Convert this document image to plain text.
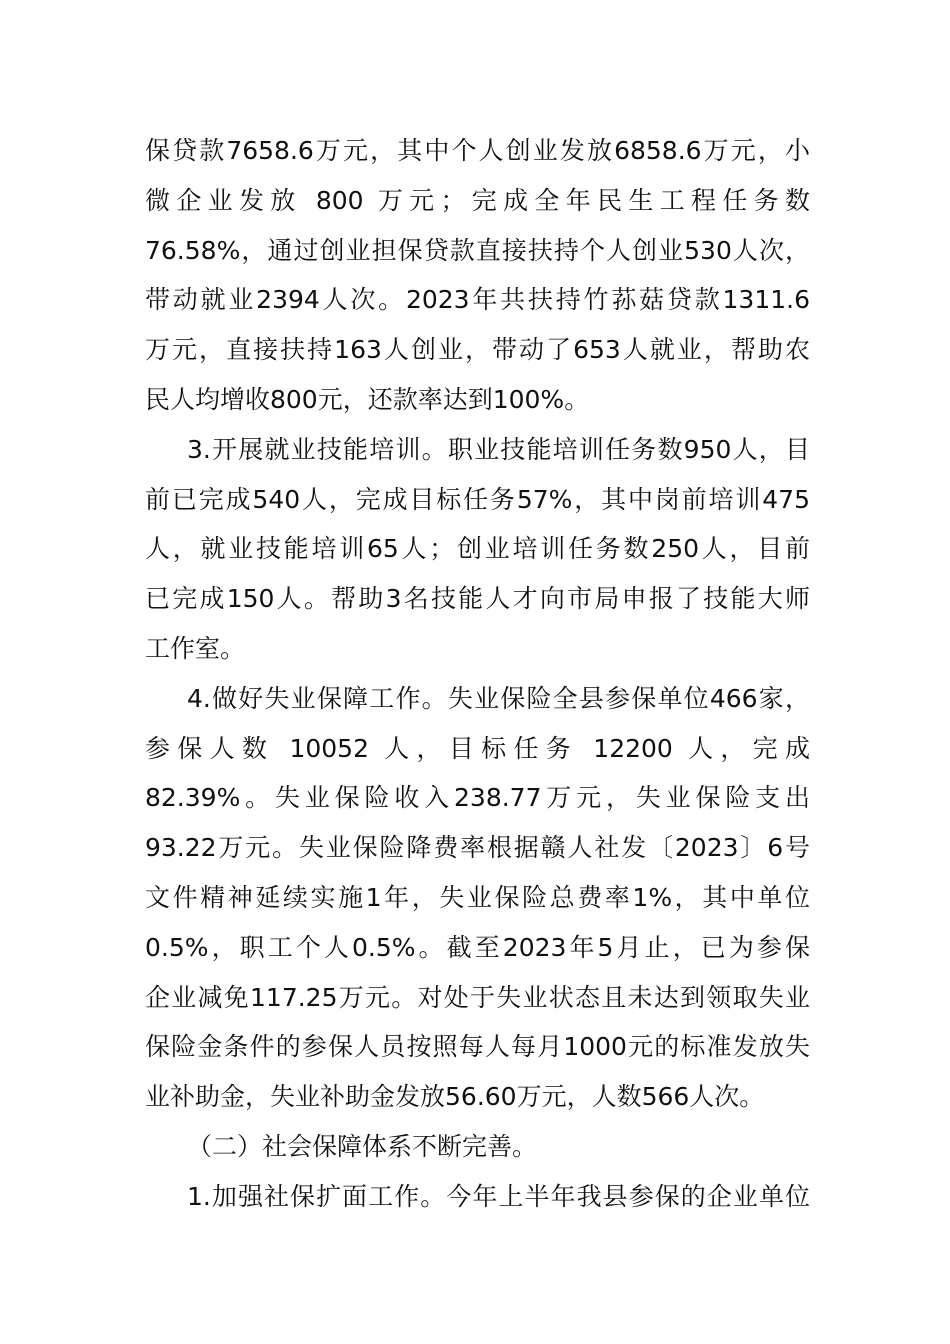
保贷款7658.6万元，其中个人创业发放6858.6万元，小
微企业发放 800 万元；完成全年民生工程任务数
76.58%，通过创业担保贷款直接扶持个人创业530人次，
带动就业2394人次。2023年共扶持竹荪菇贷款1311.6
万元，直接扶持163人创业，带动了653人就业，帮助农
民人均增收800元，还款率达到100%。
3.开展就业技能培训。职业技能培训任务数950人，目
前已完成540人，完成目标任务57%，其中岗前培训475
人，就业技能培训65人；创业培训任务数250人，目前
已完成150人。帮助3名技能人才向市局申报了技能大师
工作室。
4.做好失业保障工作。失业保险全县参保单位466家，
参保人数 10052 人，目标任务 12200 人，完成
82.39%。失业保险收入238.77万元，失业保险支出
93.22万元。失业保险降费率根据赣人社发〔2023〕6号
文件精神延续实施1年，失业保险总费率1%，其中单位
0.5%，职工个人0.5%。截至2023年5月止，已为参保
企业减免117.25万元。对处于失业状态且未达到领取失业
保险金条件的参保人员按照每人每月1000元的标准发放失
业补助金，失业补助金发放56.60万元，人数566人次。
（二）社会保障体系不断完善。
1.加强社保扩面工作。今年上半年我县参保的企业单位
